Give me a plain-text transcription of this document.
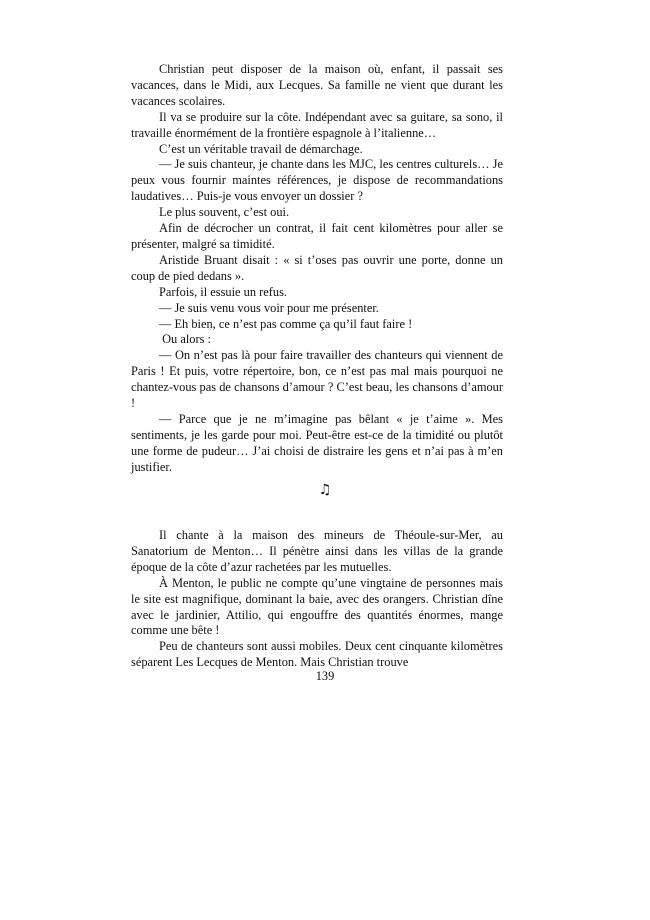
Christian peut disposer de la maison où, enfant, il passait ses vacances, dans le Midi, aux Lecques. Sa famille ne vient que durant les vacances scolaires.

Il va se produire sur la côte. Indépendant avec sa guitare, sa sono, il travaille énormément de la frontière espagnole à l’italienne…

C’est un véritable travail de démarchage.

— Je suis chanteur, je chante dans les MJC, les centres culturels… Je peux vous fournir maintes références, je dispose de recommandations laudatives… Puis-je vous envoyer un dossier ?

Le plus souvent, c’est oui.

Afin de décrocher un contrat, il fait cent kilomètres pour aller se présenter, malgré sa timidité.

Aristide Bruant disait : « si t’oses pas ouvrir une porte, donne un coup de pied dedans ».

Parfois, il essuie un refus.

— Je suis venu vous voir pour me présenter.

— Eh bien, ce n’est pas comme ça qu’il faut faire !

Ou alors :

— On n’est pas là pour faire travailler des chanteurs qui viennent de Paris ! Et puis, votre répertoire, bon, ce n’est pas mal mais pourquoi ne chantez-vous pas de chansons d’amour ? C’est beau, les chansons d’amour !

— Parce que je ne m’imagine pas bêlant « je t’aime ». Mes sentiments, je les garde pour moi. Peut-être est-ce de la timidité ou plutôt une forme de pudeur… J’ai choisi de distraire les gens et n’ai pas à m’en justifier.

♫

Il chante à la maison des mineurs de Théoule-sur-Mer, au Sanatorium de Menton… Il pénètre ainsi dans les villas de la grande époque de la côte d’azur rachetées par les mutuelles.

À Menton, le public ne compte qu’une vingtaine de personnes mais le site est magnifique, dominant la baie, avec des orangers. Christian dîne avec le jardinier, Attilio, qui engouffre des quantités énormes, mange comme une bête !

Peu de chanteurs sont aussi mobiles. Deux cent cinquante kilomètres séparent Les Lecques de Menton. Mais Christian trouve

139
